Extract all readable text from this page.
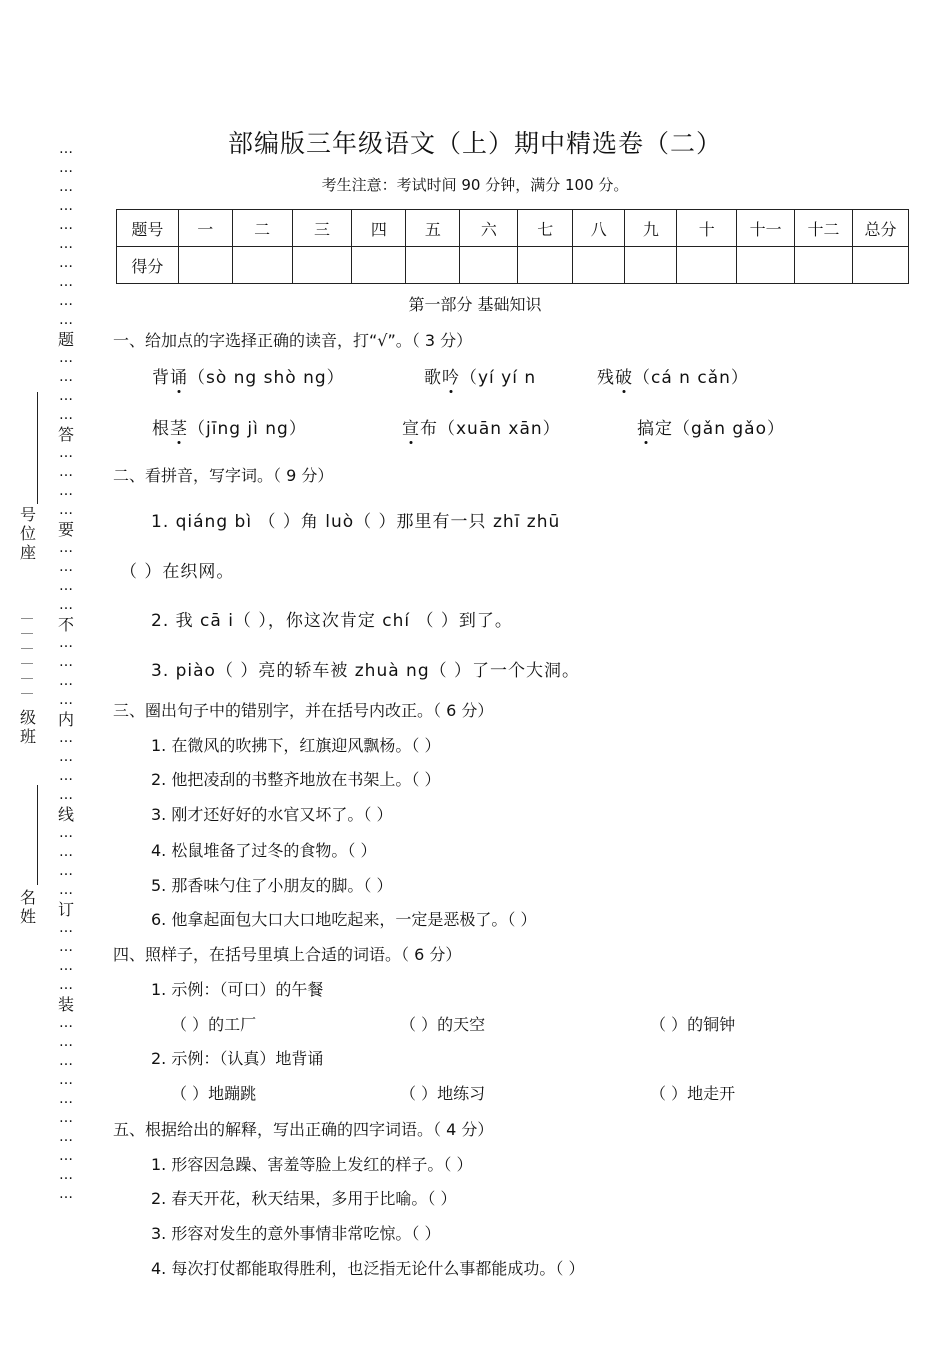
部编版三年级语文（上）期中精选卷（二）
考生注意：考试时间 90 分钟，满分 100 分。
…
…
…
…
…
…
…
…
…
…
题
…
…
…
…
答
…
…
…
…
要
…
…
…
…
不
…
…
…
…
内
…
…
…
…
线
…
…
…
…
订
…
…
…
…
装
…
…
…
…
…
…
…
…
…
…
号位座
＿＿＿＿＿＿
级班
名姓
题号	一	二	三	四	五	六	七	八	九	十	十一	十二	总分
得分													
第一部分 基础知识
一、给加点的字选择正确的读音，打“√”。（ 3 分）
背诵（sò ng shò ng）	歌吟（yí yí n	残破（cá n cǎn）
根茎（jīng jì ng）	宣布（xuān xān）	搞定（gǎn gǎo）
二、看拼音，写字词。（ 9 分）
1. qiáng bì （ ）角 luò（ ）那里有一只 zhī zhū
（ ）在织网。
2. 我 cā i（ ），你这次肯定 chí （ ）到了。
3. piào（ ）亮的轿车被 zhuà ng（ ）了一个大洞。
三、圈出句子中的错别字，并在括号内改正。（ 6 分）
1. 在微风的吹拂下，红旗迎风飘杨。（ ）
2. 他把凌刮的书整齐地放在书架上。（ ）
3. 刚才还好好的水官又坏了。（ ）
4. 松鼠堆备了过冬的食物。（ ）
5. 那香味勺住了小朋友的脚。（ ）
6. 他拿起面包大口大口地吃起来，一定是恶极了。（ ）
四、照样子，在括号里填上合适的词语。（ 6 分）
1. 示例：（可口）的午餐
（ ）的工厂	（ ）的天空	（ ）的铜钟
2. 示例：（认真）地背诵
（ ）地蹦跳	（ ）地练习	（ ）地走开
五、根据给出的解释，写出正确的四字词语。（ 4 分）
1. 形容因急躁、害羞等脸上发红的样子。（ ）
2. 春天开花，秋天结果，多用于比喻。（ ）
3. 形容对发生的意外事情非常吃惊。（ ）
4. 每次打仗都能取得胜利，也泛指无论什么事都能成功。（ ）
